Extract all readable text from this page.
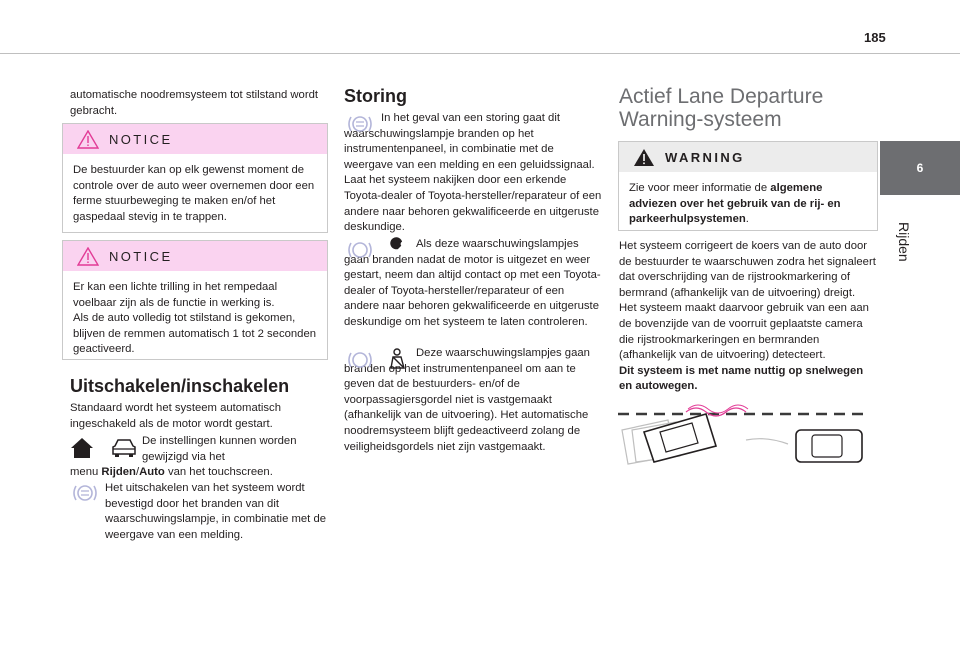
185
6
Rijden

automatische noodremsysteem tot stilstand wordt gebracht.

NOTICE

De bestuurder kan op elk gewenst moment de controle over de auto weer overnemen door een ferme stuurbeweging te maken en/of het gaspedaal stevig in te trappen.

NOTICE

Er kan een lichte trilling in het rempedaal voelbaar zijn als de functie in werking is.

Als de auto volledig tot stilstand is gekomen, blijven de remmen automatisch 1 tot 2 seconden geactiveerd.

Uitschakelen/inschakelen

Standaard wordt het systeem automatisch ingeschakeld als de motor wordt gestart.

De instellingen kunnen worden gewijzigd via het

menu Rijden/Auto van het touchscreen.

Het uitschakelen van het systeem wordt bevestigd door het branden van dit waarschuwingslampje, in combinatie met de weergave van een melding.

Storing

In het geval van een storing gaat dit waarschuwingslampje branden op het instrumentenpaneel, in combinatie met de weergave van een melding en een geluidssignaal.

Laat het systeem nakijken door een erkende Toyota-dealer of Toyota-hersteller/reparateur of een andere naar behoren gekwalificeerde en uitgeruste deskundige.

Als deze waarschuwingslampjes gaan branden nadat de motor is uitgezet en weer gestart, neem dan altijd contact op met een Toyota-dealer of Toyota-hersteller/reparateur of een andere naar behoren gekwalificeerde en uitgeruste deskundige om het systeem te laten controleren.

Deze waarschuwingslampjes gaan branden op het instrumentenpaneel om aan te geven dat de bestuurders- en/of de voorpassagiersgordel niet is vastgemaakt (afhankelijk van de uitvoering). Het automatische noodremsysteem blijft gedeactiveerd zolang de veiligheidsgordels niet zijn vastgemaakt.

Actief Lane Departure

Warning-systeem

WARNING

Zie voor meer informatie de algemene adviezen over het gebruik van de rij- en parkeerhulpsystemen.

Het systeem corrigeert de koers van de auto door de bestuurder te waarschuwen zodra het signaleert dat overschrijding van de rijstrookmarkering of bermrand (afhankelijk van de uitvoering) dreigt.

Het systeem maakt daarvoor gebruik van een aan de bovenzijde van de voorruit geplaatste camera die rijstrookmarkeringen en bermranden (afhankelijk van de uitvoering) detecteert.

Dit systeem is met name nuttig op snelwegen en autowegen.
